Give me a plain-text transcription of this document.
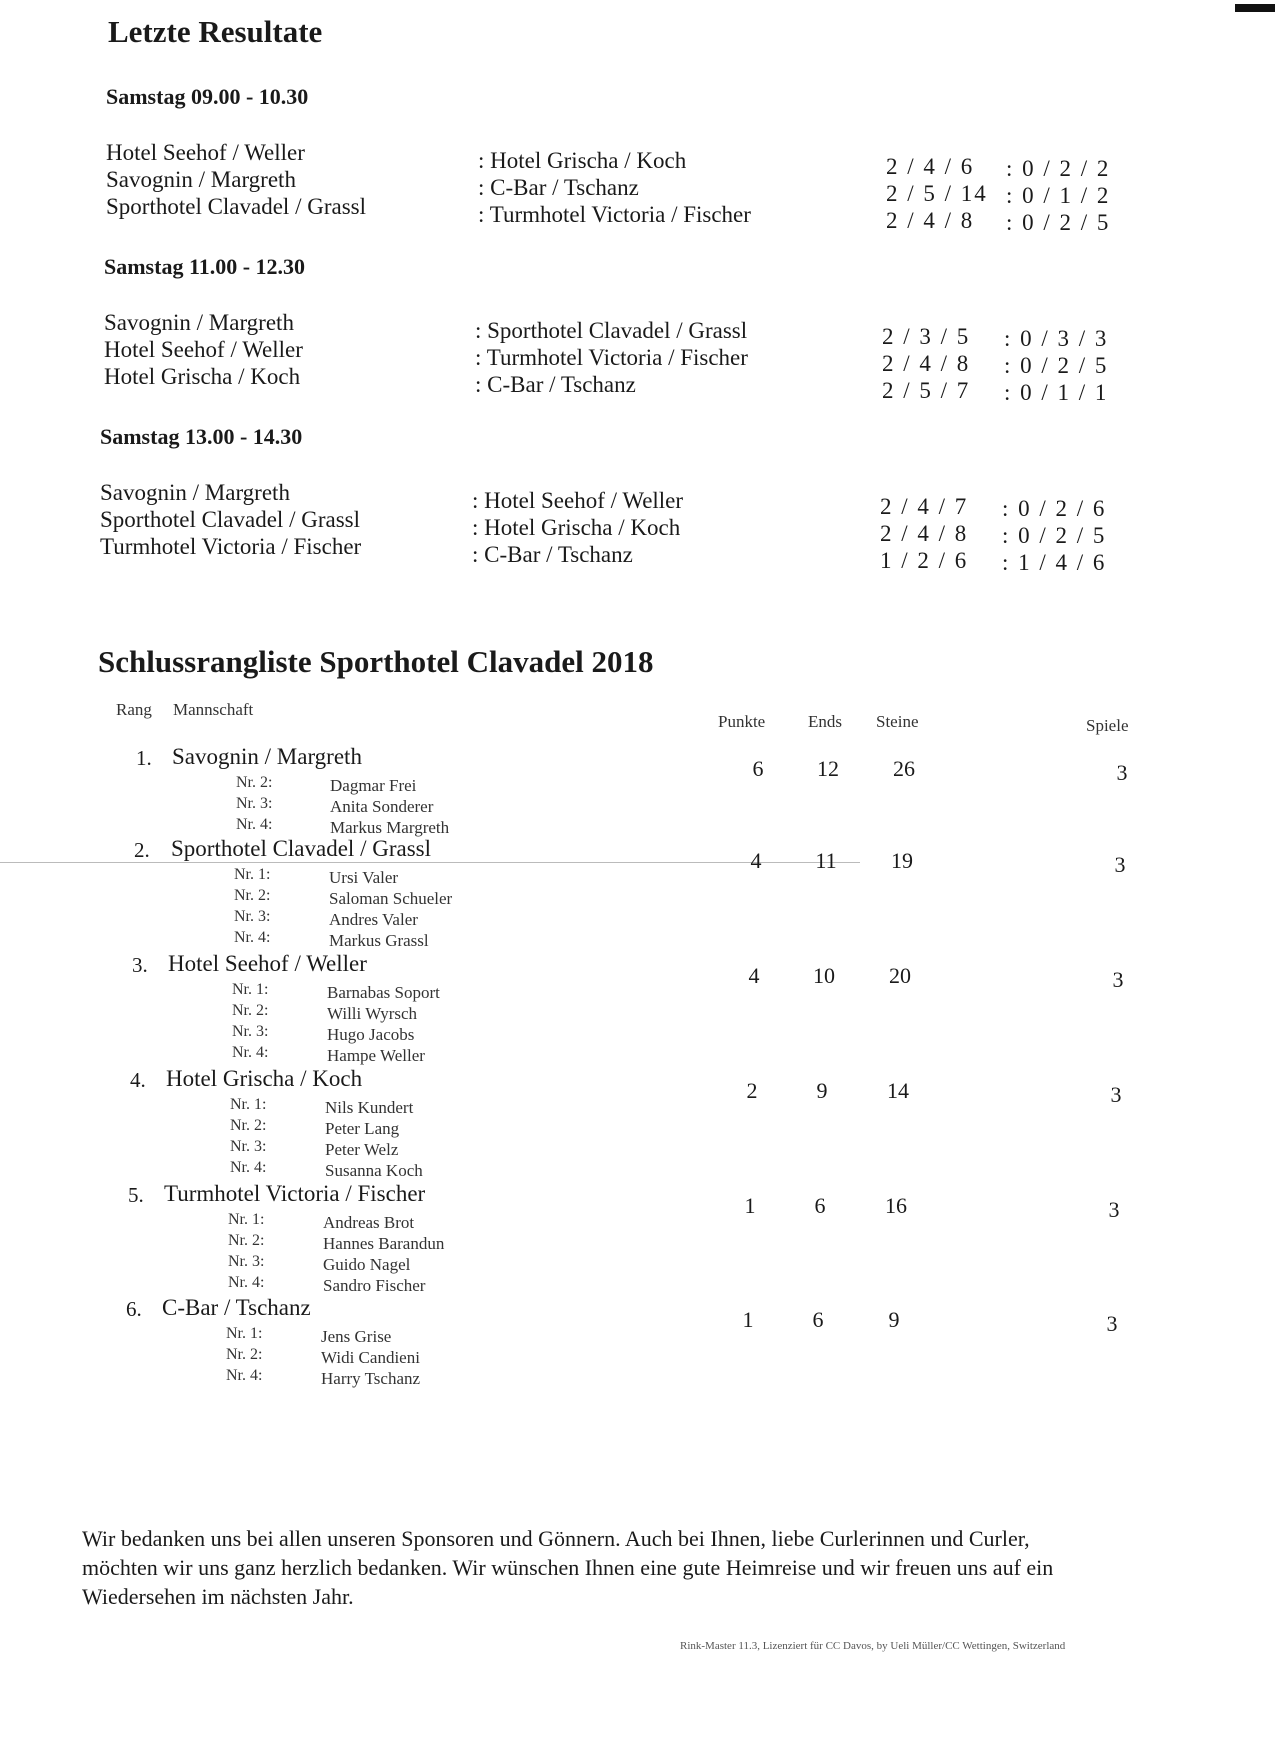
Letzte Resultate
Samstag 09.00 - 10.30
Hotel Seehof / Weller	: Hotel Grischa / Koch	2 / 4 / 6 : 0 / 2 / 2
Savognin / Margreth	: C-Bar / Tschanz	2 / 5 / 14 : 0 / 1 / 2
Sporthotel Clavadel / Grassl	: Turmhotel Victoria / Fischer	2 / 4 / 8 : 0 / 2 / 5
Samstag 11.00 - 12.30
Savognin / Margreth	: Sporthotel Clavadel / Grassl	2 / 3 / 5 : 0 / 3 / 3
Hotel Seehof / Weller	: Turmhotel Victoria / Fischer	2 / 4 / 8 : 0 / 2 / 5
Hotel Grischa / Koch	: C-Bar / Tschanz	2 / 5 / 7 : 0 / 1 / 1
Samstag 13.00 - 14.30
Savognin / Margreth	: Hotel Seehof / Weller	2 / 4 / 7 : 0 / 2 / 6
Sporthotel Clavadel / Grassl	: Hotel Grischa / Koch	2 / 4 / 8 : 0 / 2 / 5
Turmhotel Victoria / Fischer	: C-Bar / Tschanz	1 / 2 / 6 : 1 / 4 / 6
Schlussrangliste Sporthotel Clavadel 2018
Rang Mannschaft
Punkte	Ends Steine	Spiele
1. Savognin / Margreth	6	12	26	3
Nr. 2:	Dagmar Frei
Nr. 3:	Anita Sonderer
Nr. 4:	Markus Margreth
2. Sporthotel Clavadel / Grassl	4	11	19	3
Nr. 1:	Ursi Valer
Nr. 2:	Saloman Schueler
Nr. 3:	Andres Valer
Nr. 4:	Markus Grassl
3. Hotel Seehof / Weller	4	10	20	3
Nr. 1:	Barnabas Soport
Nr. 2:	Willi Wyrsch
Nr. 3:	Hugo Jacobs
Nr. 4:	Hampe Weller
4. Hotel Grischa / Koch	2	9	14	3
Nr. 1:	Nils Kundert
Nr. 2:	Peter Lang
Nr. 3:	Peter Welz
Nr. 4:	Susanna Koch
5. Turmhotel Victoria / Fischer	1	6	16	3
Nr. 1:	Andreas Brot
Nr. 2:	Hannes Barandun
Nr. 3:	Guido Nagel
Nr. 4:	Sandro Fischer
6. C-Bar / Tschanz	1	6	9	3
Nr. 1:	Jens Grise
Nr. 2:	Widi Candieni
Nr. 4:	Harry Tschanz
Wir bedanken uns bei allen unseren Sponsoren und Gönnern. Auch bei Ihnen, liebe Curlerinnen und Curler, möchten wir uns ganz herzlich bedanken. Wir wünschen Ihnen eine gute Heimreise und wir freuen uns auf ein Wiedersehen im nächsten Jahr.
Rink-Master 11.3, Lizenziert für CC Davos, by Ueli Müller/CC Wettingen, Switzerland
